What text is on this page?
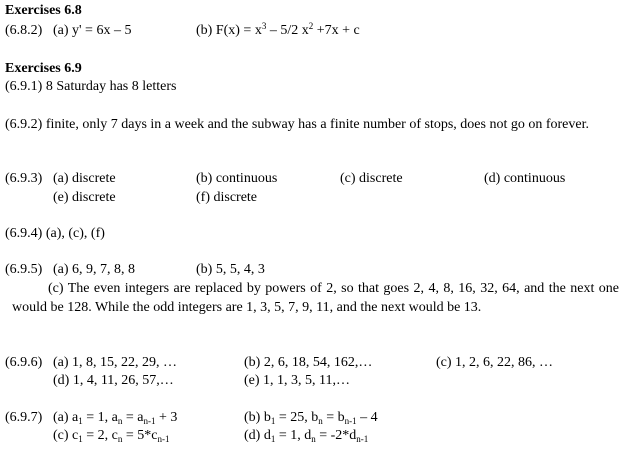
Exercises 6.8
(6.8.2) (a) y' = 6x – 5	(b) $F(x) = x^3 - 5/2$ $x^2 +7x + c$
Exercises 6.9
(6.9.1) 8 Saturday has 8 letters
(6.9.2) finite, only 7 days in a week and the subway has a finite number of stops, does not go on forever.
(6.9.3) (a) discrete	(b) continuous	(c) discrete	(d) continuous
(e) discrete	(f) discrete
(6.9.4) (a), (c), (f)
(6.9.5) (a) 6, 9, 7, 8, 8	(b) 5, 5, 4, 3
(c) The even integers are replaced by powers of 2, so that goes 2, 4, 8, 16, 32, 64, and the next one would be 128. While the odd integers are 1, 3, 5, 7, 9, 11, and the next would be 13.
(6.9.6) (a) 1, 8, 15, 22, 29, …	(b) 2, 6, 18, 54, 162,…	(c) 1, 2, 6, 22, 86, …
(d) 1, 4, 11, 26, 57,…	(e) 1, 1, 3, 5, 11,…
(6.9.7) (a) $a_1 = 1$, $a_n = a_{n-1} + 3$	(b) $b_1 = 25$, $b_n = b_{n-1} - 4$
(c) $c_1 = 2$, $c_n = 5*c_{n-1}$	(d) $d_1 = 1$, $d_n = -2*d_{n-1}$
